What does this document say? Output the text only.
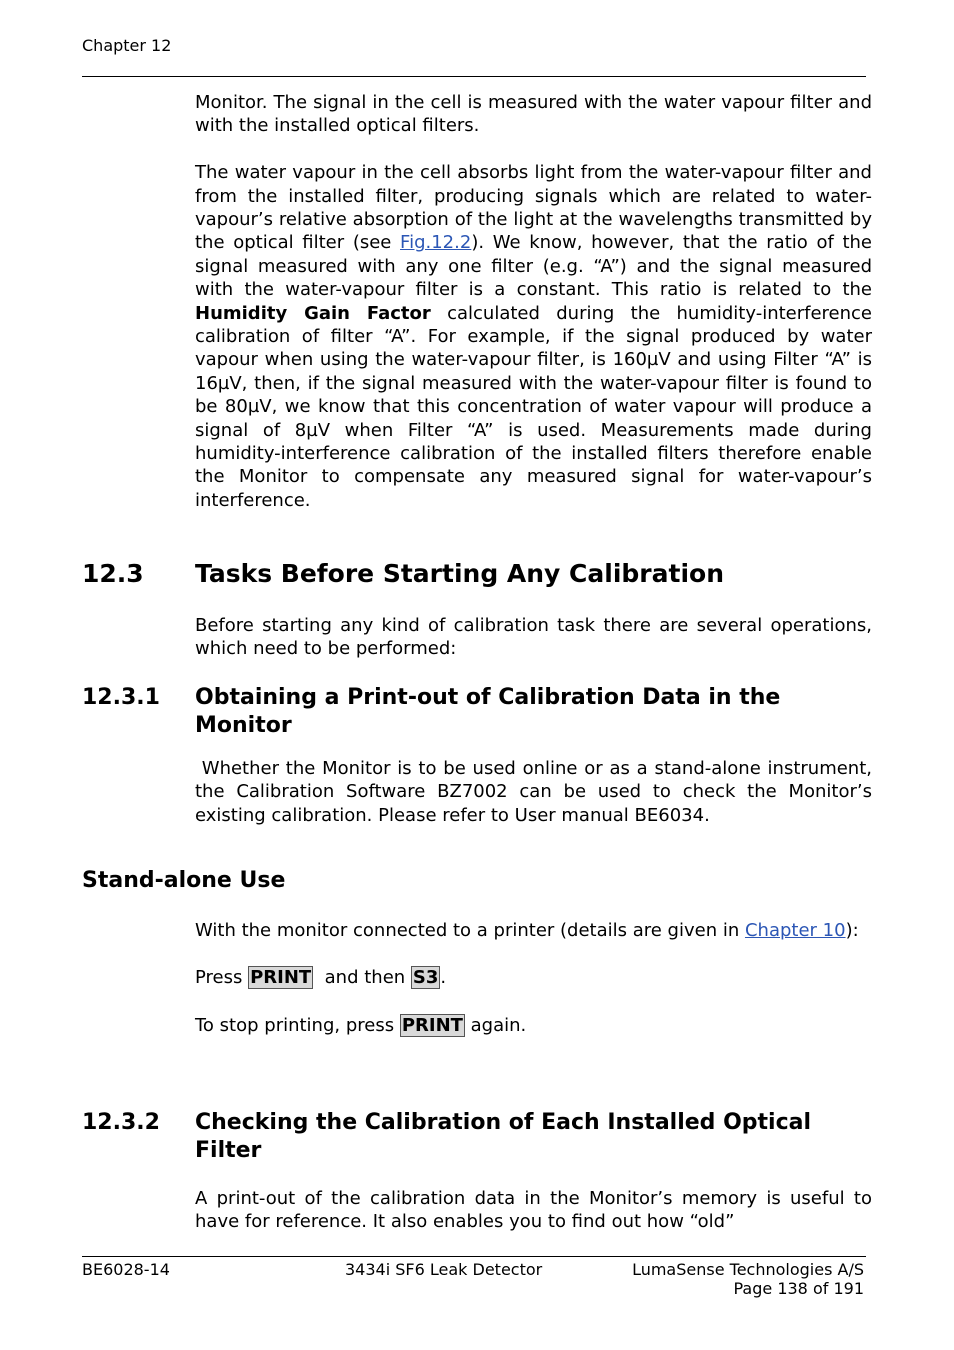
Chapter 12

Monitor. The signal in the cell is measured with the water vapour filter and with the installed optical filters.

The water vapour in the cell absorbs light from the water-vapour filter and from the installed filter, producing signals which are related to water-vapour’s relative absorption of the light at the wavelengths transmitted by the optical filter (see Fig.12.2). We know, however, that the ratio of the signal measured with any one filter (e.g. “A”) and the signal measured with the water-vapour filter is a constant. This ratio is related to the Humidity Gain Factor calculated during the humidity-interference calibration of filter “A”. For example, if the signal produced by water vapour when using the water-vapour filter, is 160µV and using Filter “A” is 16µV, then, if the signal measured with the water-vapour filter is found to be 80µV, we know that this concentration of water vapour will produce a signal of 8µV when Filter “A” is used. Measurements made during humidity-interference calibration of the installed filters therefore enable the Monitor to compensate any measured signal for water-vapour’s interference.

12.3 Tasks Before Starting Any Calibration
Before starting any kind of calibration task there are several operations, which need to be performed:
12.3.1 Obtaining a Print-out of Calibration Data in the Monitor
Whether the Monitor is to be used online or as a stand-alone instrument, the Calibration Software BZ7002 can be used to check the Monitor’s existing calibration. Please refer to User manual BE6034.
Stand-alone Use

With the monitor connected to a printer (details are given in Chapter 10):

Press PRINT  and then S3 .

To stop printing, press PRINT again.

12.3.2 Checking the Calibration of Each Installed Optical Filter
A print-out of the calibration data in the Monitor’s memory is useful to have for reference. It also enables you to find out how “old”
BE6028-14	3434i SF6 Leak Detector	LumaSense Technologies A/S
Page 138 of 191
